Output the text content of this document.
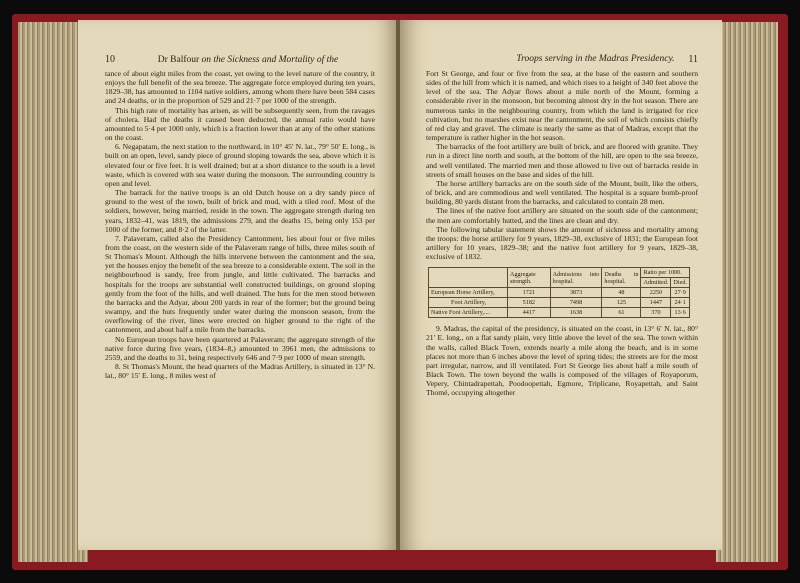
10	Dr Balfour on the Sickness and Mortality of the

tance of about eight miles from the coast, yet owing to the level nature of the country, it enjoys the full benefit of the sea breeze. The aggregate force employed during ten years, 1829–38, has amounted to 1104 native soldiers, among whom there have been 584 cases and 24 deaths, or in the proportion of 529 and 21·7 per 1000 of the strength.

This high rate of mortality has arisen, as will be subsequently seen, from the ravages of cholera. Had the deaths it caused been deducted, the annual ratio would have amounted to 5·4 per 1000 only, which is a fraction lower than at any of the other stations on the coast.

6. Negapatam, the next station to the northward, in 10° 45′ N. lat., 79° 50′ E. long., is built on an open, level, sandy piece of ground sloping towards the sea, above which it is elevated four or five feet. It is well drained; but at a short distance to the south is a level waste, which is covered with sea water during the monsoon. The surrounding country is open and level.

The barrack for the native troops is an old Dutch house on a dry sandy piece of ground to the west of the town, built of brick and mud, with a tiled roof. Most of the soldiers, however, being married, reside in the town. The aggregate strength during ten years, 1832–41, was 1819, the admissions 279, and the deaths 15, being only 153 per 1000 of the former, and 8·2 of the latter.

7. Palaveram, called also the Presidency Cantonment, lies about four or five miles from the coast, on the western side of the Palaveram range of hills, three miles south of St Thomas's Mount. Although the hills intervene between the cantonment and the sea, yet the houses enjoy the benefit of the sea breeze to a considerable extent. The soil in the neighbourhood is sandy, free from jungle, and little cultivated. The barracks and hospitals for the troops are substantial well constructed buildings, on ground sloping gently from the foot of the hills, and well drained. The huts for the men stood between the barracks and the Adyar, about 200 yards in rear of the former; but the ground being swampy, and the huts frequently under water during the monsoon season, from the overflowing of the river, lines were erected on higher ground to the right of the cantonment, and about half a mile from the barracks.

No European troops have been quartered at Palaveram; the aggregate strength of the native force during five years, (1834–8,) amounted to 3961 men, the admissions to 2559, and the deaths to 31, being respectively 646 and 7·9 per 1000 of mean strength.

8. St Thomas's Mount, the head quarters of the Madras Artillery, is situated in 13° N. lat., 80° 15′ E. long., 8 miles west of

Troops serving in the Madras Presidency. 11

Fort St George, and four or five from the sea, at the base of the eastern and southern sides of the hill from which it is named, and which rises to a height of 340 feet above the level of the sea. The Adyar flows about a mile north of the Mount, forming a considerable river in the monsoon, but becoming almost dry in the hot season. There are numerous tanks in the neighbouring country, from which the land is irrigated for rice cultivation, but no marshes exist near the cantonment, the soil of which consists chiefly of red clay and gravel. The climate is nearly the same as that of Madras, except that the temperature is rather higher in the hot season.

The barracks of the foot artillery are built of brick, and are floored with granite. They run in a direct line north and south, at the bottom of the hill, are open to the sea breeze, and well ventilated. The married men and those allowed to live out of barracks reside in streets of small houses on the base and sides of the hill.

The horse artillery barracks are on the south side of the Mount, built, like the others, of brick, and are commodious and well ventilated. The hospital is a square bomb-proof building, 80 yards distant from the barracks, and calculated to contain 28 men.

The lines of the native foot artillery are situated on the south side of the cantonment; the men are comfortably hutted, and the lines are clean and dry.

The following tabular statement shows the amount of sickness and mortality among the troops: the horse artillery for 9 years, 1829–38, exclusive of 1831; the European foot artillery for 10 years, 1829–38; and the native foot artillery for 9 years, 1829–38, exclusive of 1832.

	Aggregate strength.	Admissions into hospital.	Deaths in hospital.	Ratio per 1000.	
				Admitted.	Died.
European Horse Artillery,	1721	3873	48	2250	27·9
Foot Artillery,	5182	7498	125	1447	24·1
Native Foot Artillery,....	4417	1638	61	370	13·6

9. Madras, the capital of the presidency, is situated on the coast, in 13° 6′ N. lat., 80° 21′ E. long., on a flat sandy plain, very little above the level of the sea. The town within the walls, called Black Town, extends nearly a mile along the beach, and is in some places not more than 6 inches above the level of spring tides; the streets are for the most part irregular, narrow, and ill ventilated. Fort St George lies about half a mile south of Black Town. The town beyond the walls is composed of the villages of Royaporum, Vepery, Chintadrapettah, Poodoopettah, Egmore, Triplicane, Royapettah, and Saint Thomé, occupying altogether
